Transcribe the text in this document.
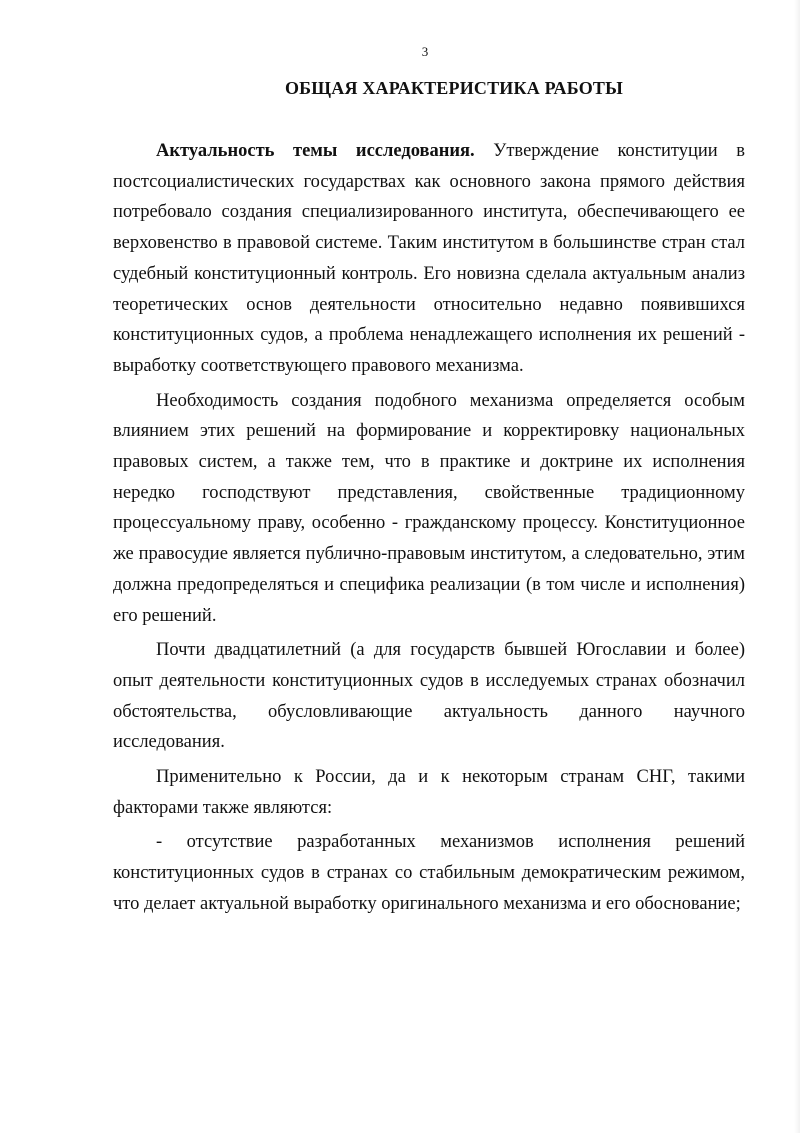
3
ОБЩАЯ ХАРАКТЕРИСТИКА РАБОТЫ

Актуальность темы исследования. Утверждение конституции в постсоциалистических государствах как основного закона прямого действия потребовало создания специализированного института, обеспечивающего ее верховенство в правовой системе. Таким институтом в большинстве стран стал судебный конституционный контроль. Его новизна сделала актуальным анализ теоретических основ деятельности относительно недавно появившихся конституционных судов, а проблема ненадлежащего исполнения их решений - выработку соответствующего правового механизма.

Необходимость создания подобного механизма определяется особым влиянием этих решений на формирование и корректировку национальных правовых систем, а также тем, что в практике и доктрине их исполнения нередко господствуют представления, свойственные традиционному процессуальному праву, особенно - гражданскому процессу. Конституционное же правосудие является публично-правовым институтом, а следовательно, этим должна предопределяться и специфика реализации (в том числе и исполнения) его решений.

Почти двадцатилетний (а для государств бывшей Югославии и более) опыт деятельности конституционных судов в исследуемых странах обозначил обстоятельства, обусловливающие актуальность данного научного исследования.

Применительно к России, да и к некоторым странам СНГ, такими факторами также являются:

- отсутствие разработанных механизмов исполнения решений конституционных судов в странах со стабильным демократическим режимом, что делает актуальной выработку оригинального механизма и его обоснование;
